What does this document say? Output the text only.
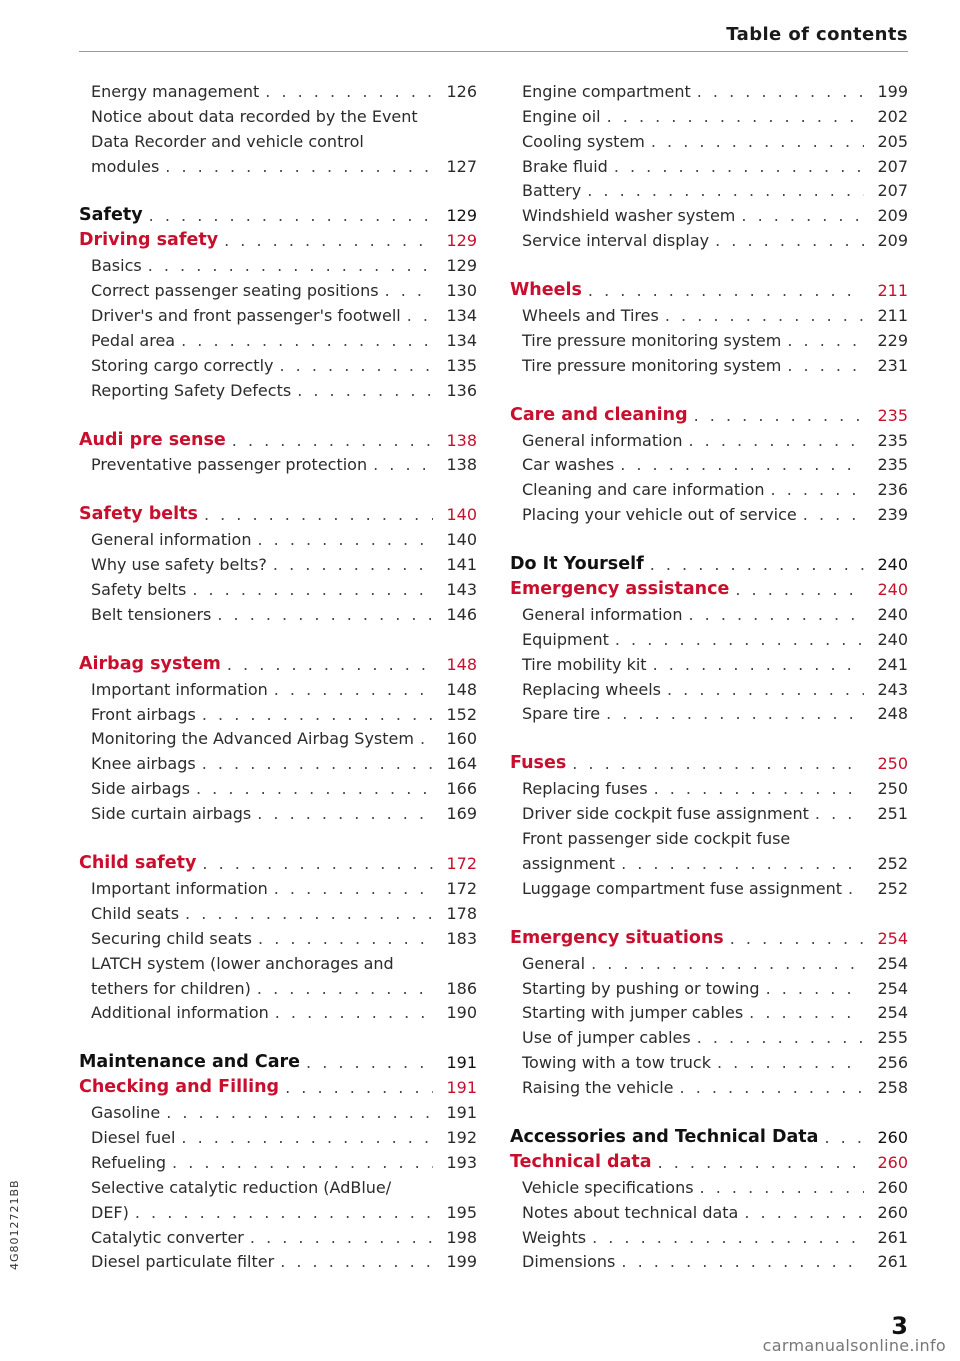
Table of contents
Energy management . . .	126
Notice about data recorded by the Event
Data Recorder and vehicle control
modules . . .	127
Safety . . .	129
Driving safety . . .	129
Basics . . .	129
Correct passenger seating positions . . .	130
Driver's and front passenger's footwell . . .	134
Pedal area . . .	134
Storing cargo correctly . . .	135
Reporting Safety Defects . . .	136
Audi pre sense . . .	138
Preventative passenger protection . . .	138
Safety belts . . .	140
General information . . .	140
Why use safety belts? . . .	141
Safety belts . . .	143
Belt tensioners . . .	146
Airbag system . . .	148
Important information . . .	148
Front airbags . . .	152
Monitoring the Advanced Airbag System . . .	160
Knee airbags . . .	164
Side airbags . . .	166
Side curtain airbags . . .	169
Child safety . . .	172
Important information . . .	172
Child seats . . .	178
Securing child seats . . .	183
LATCH system (lower anchorages and
tethers for children) . . .	186
Additional information . . .	190
Maintenance and Care . . .	191
Checking and Filling . . .	191
Gasoline . . .	191
Diesel fuel . . .	192
Refueling . . .	193
Selective catalytic reduction (AdBlue/
DEF) . . .	195
Catalytic converter . . .	198
Diesel particulate filter . . .	199
Engine compartment . . .	199
Engine oil . . .	202
Cooling system . . .	205
Brake fluid . . .	207
Battery . . .	207
Windshield washer system . . .	209
Service interval display . . .	209
Wheels . . .	211
Wheels and Tires . . .	211
Tire pressure monitoring system . . .	229
Tire pressure monitoring system . . .	231
Care and cleaning . . .	235
General information . . .	235
Car washes . . .	235
Cleaning and care information . . .	236
Placing your vehicle out of service . . .	239
Do It Yourself . . .	240
Emergency assistance . . .	240
General information . . .	240
Equipment . . .	240
Tire mobility kit . . .	241
Replacing wheels . . .	243
Spare tire . . .	248
Fuses . . .	250
Replacing fuses . . .	250
Driver side cockpit fuse assignment . . .	251
Front passenger side cockpit fuse
assignment . . .	252
Luggage compartment fuse assignment . . .	252
Emergency situations . . .	254
General . . .	254
Starting by pushing or towing . . .	254
Starting with jumper cables . . .	254
Use of jumper cables . . .	255
Towing with a tow truck . . .	256
Raising the vehicle . . .	258
Accessories and Technical Data . . .	260
Technical data . . .	260
Vehicle specifications . . .	260
Notes about technical data . . .	260
Weights . . .	261
Dimensions . . .	261
3
4G8012721BB
carmanualsonline.info
